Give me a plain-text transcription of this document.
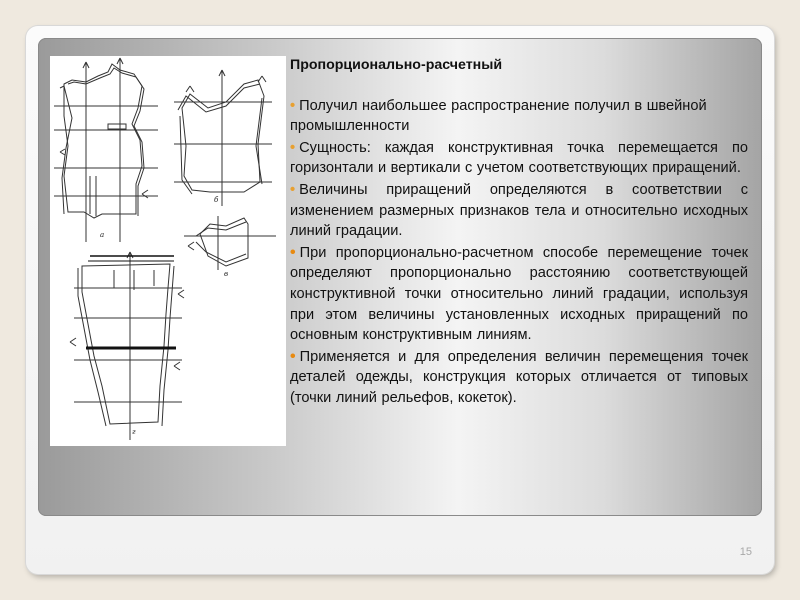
а
б
в
г
Пропорционально-расчетный
• Получил наибольшее распространение получил в швейной промышленности
• Сущность: каждая конструктивная точка перемещается по горизонтали и вертикали с учетом соответствующих приращений.
• Величины приращений определяются в соответствии с изменением размерных признаков тела и относительно исходных линий градации.
• При пропорционально-расчетном способе перемещение точек определяют пропорционально расстоянию соответствующей конструктивной точки относительно линий градации, используя при этом величины установленных исходных приращений по основным конструктивным линиям.
• Применяется и для определения величин перемещения точек деталей одежды, конструкция которых отличается от типовых (точки линий рельефов, кокеток).
15
